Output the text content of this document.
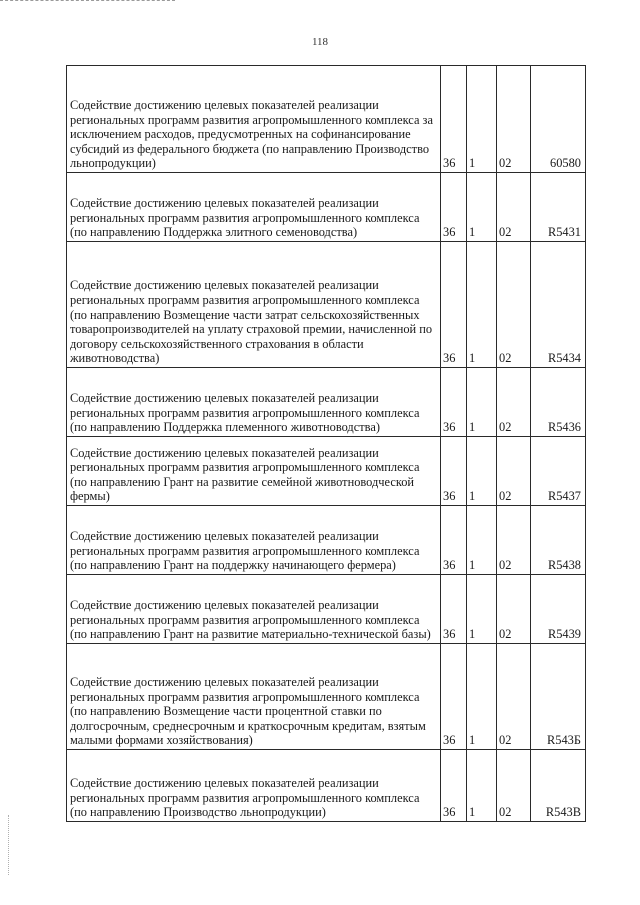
118
Содействие достижению целевых показателей реализации региональных программ развития агропромышленного комплекса за исключением расходов, предусмотренных на софинансирование субсидий из федерального бюджета (по направлению Производство льнопродукции)	36	1	02	60580
Содействие достижению целевых показателей реализации региональных программ развития агропромышленного комплекса (по направлению Поддержка элитного семеноводства)	36	1	02	R5431
Содействие достижению целевых показателей реализации региональных программ развития агропромышленного комплекса (по направлению Возмещение части затрат сельскохозяйственных товаропроизводителей на уплату страховой премии, начисленной по договору сельскохозяйственного страхования в области животноводства)	36	1	02	R5434
Содействие достижению целевых показателей реализации региональных программ развития агропромышленного комплекса (по направлению Поддержка племенного животноводства)	36	1	02	R5436
Содействие достижению целевых показателей реализации региональных программ развития агропромышленного комплекса (по направлению Грант на развитие семейной животноводческой фермы)	36	1	02	R5437
Содействие достижению целевых показателей реализации региональных программ развития агропромышленного комплекса (по направлению Грант на поддержку начинающего фермера)	36	1	02	R5438
Содействие достижению целевых показателей реализации региональных программ развития агропромышленного комплекса (по направлению Грант на развитие материально-технической базы)	36	1	02	R5439
Содействие достижению целевых показателей реализации региональных программ развития агропромышленного комплекса (по направлению Возмещение части процентной ставки по долгосрочным, среднесрочным и краткосрочным кредитам, взятым малыми формами хозяйствования)	36	1	02	R543Б
Содействие достижению целевых показателей реализации региональных программ развития агропромышленного комплекса (по направлению Производство льнопродукции)	36	1	02	R543В
